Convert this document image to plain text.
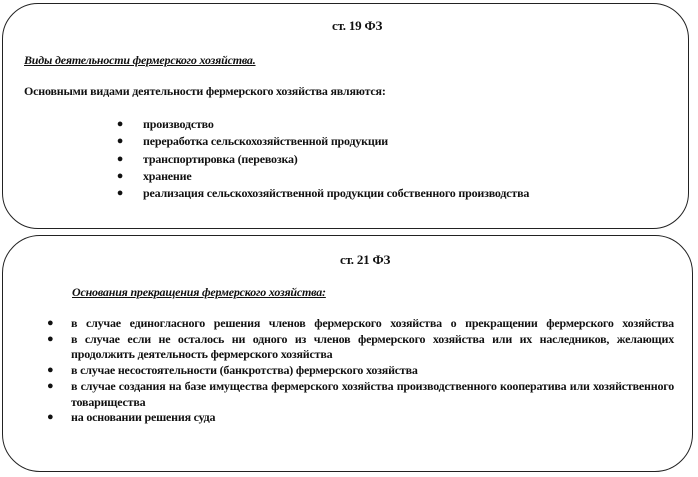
ст. 19 ФЗ
Виды деятельности фермерского хозяйства.
Основными видами деятельности фермерского хозяйства являются:
● производство
● переработка сельскохозяйственной продукции
● транспортировка (перевозка)
● хранение
● реализация сельскохозяйственной продукции собственного производства
ст. 21 ФЗ
Основания прекращения фермерского хозяйства:
● в случае единогласного решения членов фермерского хозяйства о прекращении фермерского хозяйства
● в случае если не осталось ни одного из членов фермерского хозяйства или их наследников, желающих продолжить деятельность фермерского хозяйства
● в случае несостоятельности (банкротства) фермерского хозяйства
● в случае создания на базе имущества фермерского хозяйства производственного кооператива или хозяйственного товарищества
● на основании решения суда
